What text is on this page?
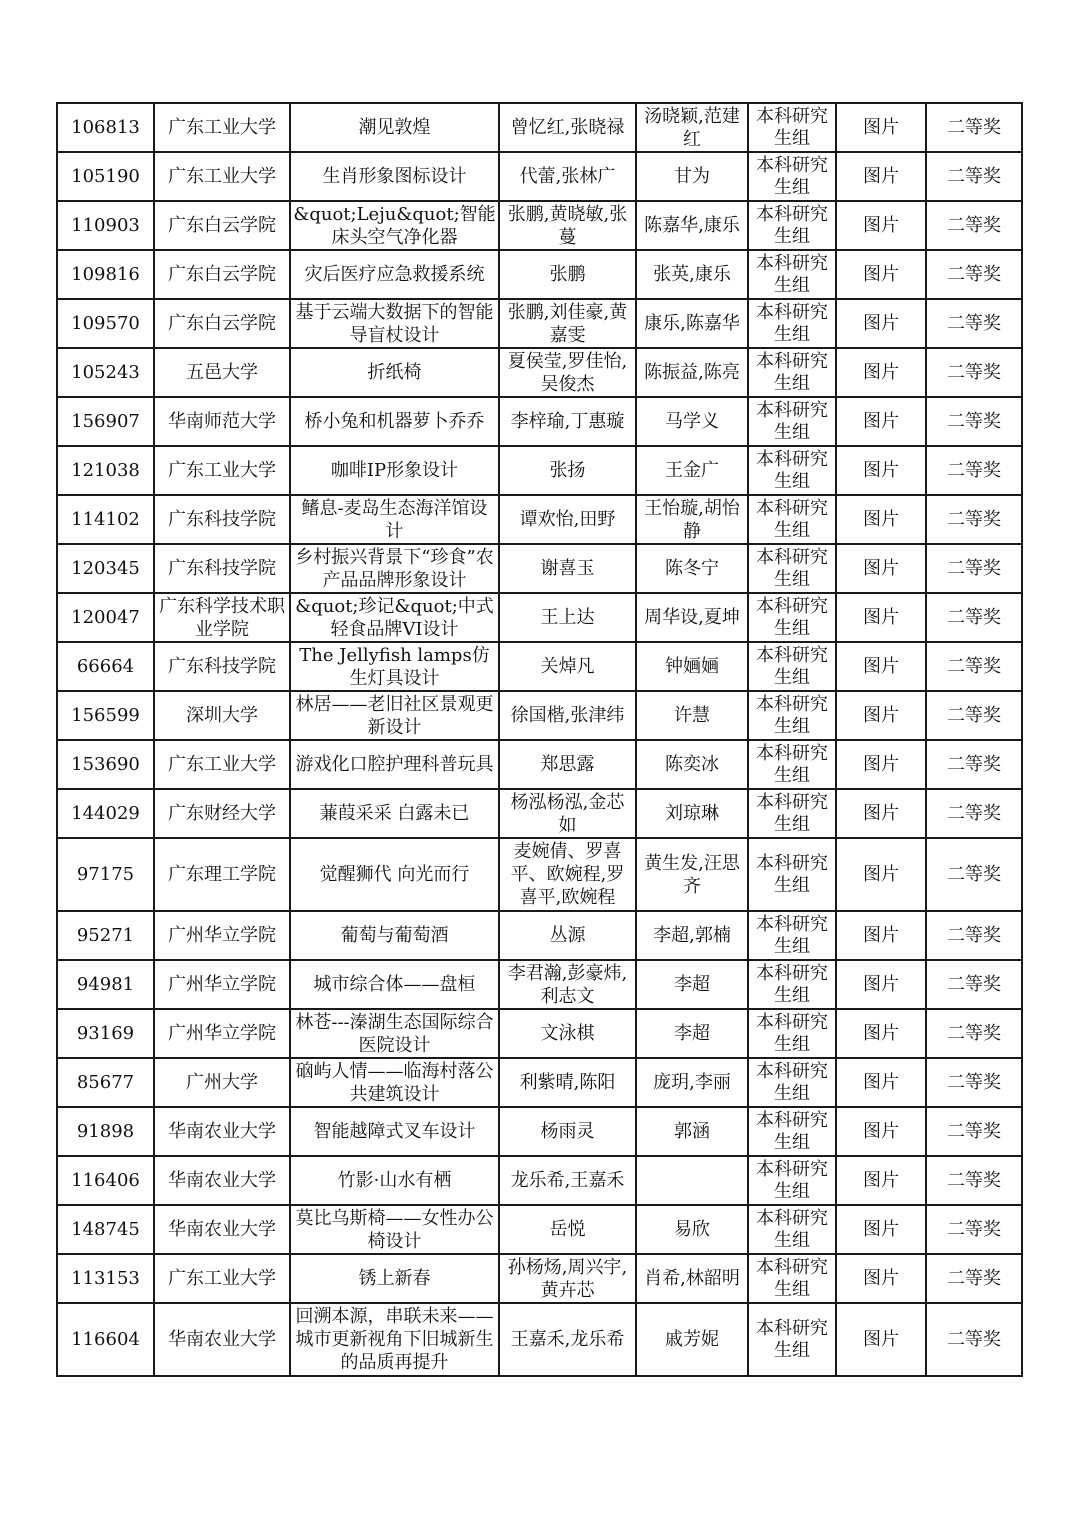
106813	广东工业大学	潮见敦煌	曾忆红,张晓禄	汤晓颖,范建红	本科研究生组	图片	二等奖
105190	广东工业大学	生肖形象图标设计	代蕾,张林广	甘为	本科研究生组	图片	二等奖
110903	广东白云学院	&quot;Leju&quot;智能床头空气净化器	张鹏,黄晓敏,张蔓	陈嘉华,康乐	本科研究生组	图片	二等奖
109816	广东白云学院	灾后医疗应急救援系统	张鹏	张英,康乐	本科研究生组	图片	二等奖
109570	广东白云学院	基于云端大数据下的智能导盲杖设计	张鹏,刘佳豪,黄嘉雯	康乐,陈嘉华	本科研究生组	图片	二等奖
105243	五邑大学	折纸椅	夏侯莹,罗佳怡,吴俊杰	陈振益,陈亮	本科研究生组	图片	二等奖
156907	华南师范大学	桥小兔和机器萝卜乔乔	李梓瑜,丁惠璇	马学义	本科研究生组	图片	二等奖
121038	广东工业大学	咖啡IP形象设计	张扬	王金广	本科研究生组	图片	二等奖
114102	广东科技学院	鳍息-麦岛生态海洋馆设计	谭欢怡,田野	王怡璇,胡怡静	本科研究生组	图片	二等奖
120345	广东科技学院	乡村振兴背景下“珍食”农产品品牌形象设计	谢喜玉	陈冬宁	本科研究生组	图片	二等奖
120047	广东科学技术职业学院	&quot;珍记&quot;中式轻食品牌VI设计	王上达	周华设,夏坤	本科研究生组	图片	二等奖
66664	广东科技学院	The Jellyfish lamps仿生灯具设计	关焯凡	钟婳婳	本科研究生组	图片	二等奖
156599	深圳大学	林居——老旧社区景观更新设计	徐国楷,张津纬	许慧	本科研究生组	图片	二等奖
153690	广东工业大学	游戏化口腔护理科普玩具	郑思露	陈奕冰	本科研究生组	图片	二等奖
144029	广东财经大学	蒹葭采采 白露未已	杨泓杨泓,金芯如	刘琼琳	本科研究生组	图片	二等奖
97175	广东理工学院	觉醒狮代 向光而行	麦婉倩、罗喜平、欧婉程,罗喜平,欧婉程	黄生发,汪思齐	本科研究生组	图片	二等奖
95271	广州华立学院	葡萄与葡萄酒	丛源	李超,郭楠	本科研究生组	图片	二等奖
94981	广州华立学院	城市综合体——盘桓	李君瀚,彭豪炜,利志文	李超	本科研究生组	图片	二等奖
93169	广州华立学院	林苍---溱湖生态国际综合医院设计	文泳棋	李超	本科研究生组	图片	二等奖
85677	广州大学	硇屿人情——临海村落公共建筑设计	利紫晴,陈阳	庞玥,李丽	本科研究生组	图片	二等奖
91898	华南农业大学	智能越障式叉车设计	杨雨灵	郭涵	本科研究生组	图片	二等奖
116406	华南农业大学	竹影·山水有栖	龙乐希,王嘉禾		本科研究生组	图片	二等奖
148745	华南农业大学	莫比乌斯椅——女性办公椅设计	岳悦	易欣	本科研究生组	图片	二等奖
113153	广东工业大学	锈上新春	孙杨炀,周兴宇,黄卉芯	肖希,林韶明	本科研究生组	图片	二等奖
116604	华南农业大学	回溯本源，串联未来——城市更新视角下旧城新生的品质再提升	王嘉禾,龙乐希	戚芳妮	本科研究生组	图片	二等奖
